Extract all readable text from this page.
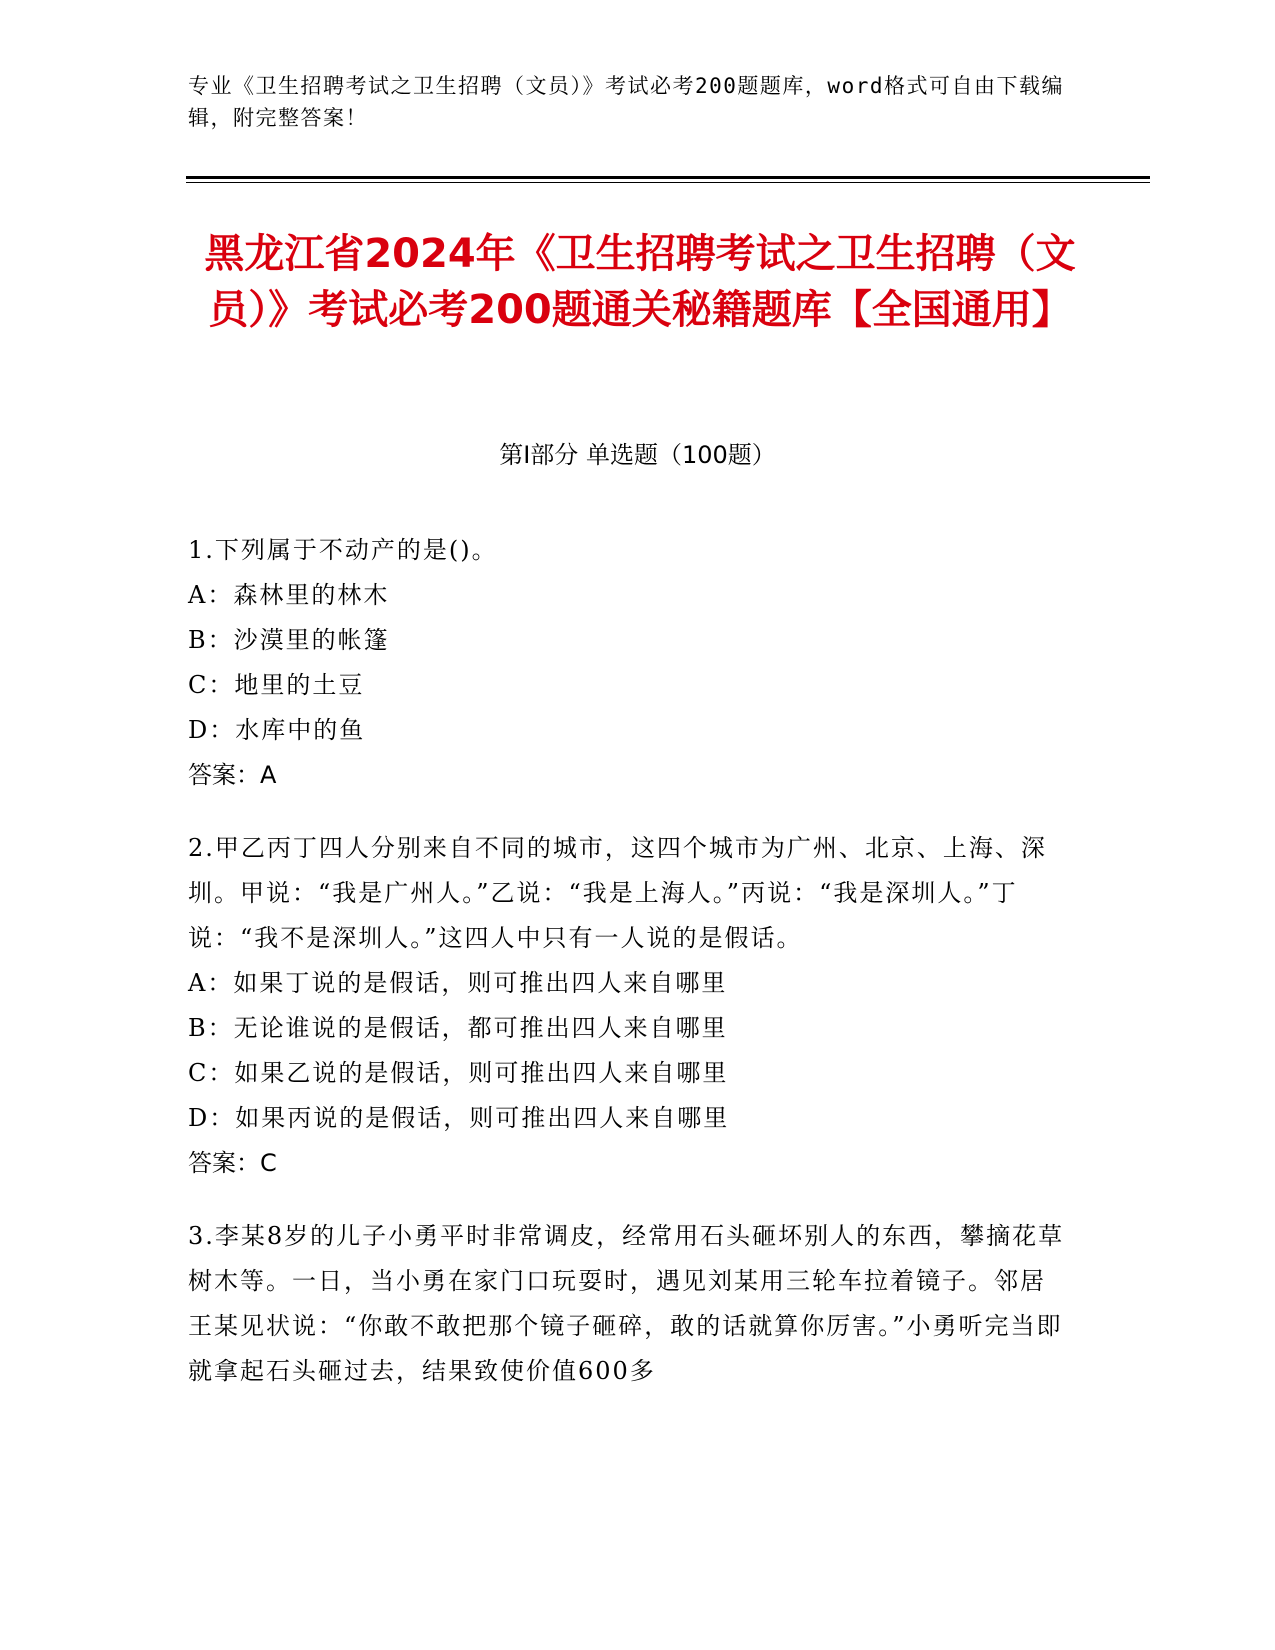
专业《卫生招聘考试之卫生招聘（文员）》考试必考200题题库，word格式可自由下载编辑，附完整答案！
黑龙江省2024年《卫生招聘考试之卫生招聘（文员）》考试必考200题通关秘籍题库【全国通用】
第Ⅰ部分 单选题（100题）
1.下列属于不动产的是()。
A：森林里的林木
B：沙漠里的帐篷
C：地里的土豆
D：水库中的鱼
答案：A
2.甲乙丙丁四人分别来自不同的城市，这四个城市为广州、北京、上海、深圳。甲说：“我是广州人。”乙说：“我是上海人。”丙说：“我是深圳人。”丁说：“我不是深圳人。”这四人中只有一人说的是假话。
A：如果丁说的是假话，则可推出四人来自哪里
B：无论谁说的是假话，都可推出四人来自哪里
C：如果乙说的是假话，则可推出四人来自哪里
D：如果丙说的是假话，则可推出四人来自哪里
答案：C
3.李某8岁的儿子小勇平时非常调皮，经常用石头砸坏别人的东西，攀摘花草树木等。一日，当小勇在家门口玩耍时，遇见刘某用三轮车拉着镜子。邻居王某见状说：“你敢不敢把那个镜子砸碎，敢的话就算你厉害。”小勇听完当即就拿起石头砸过去，结果致使价值600多
